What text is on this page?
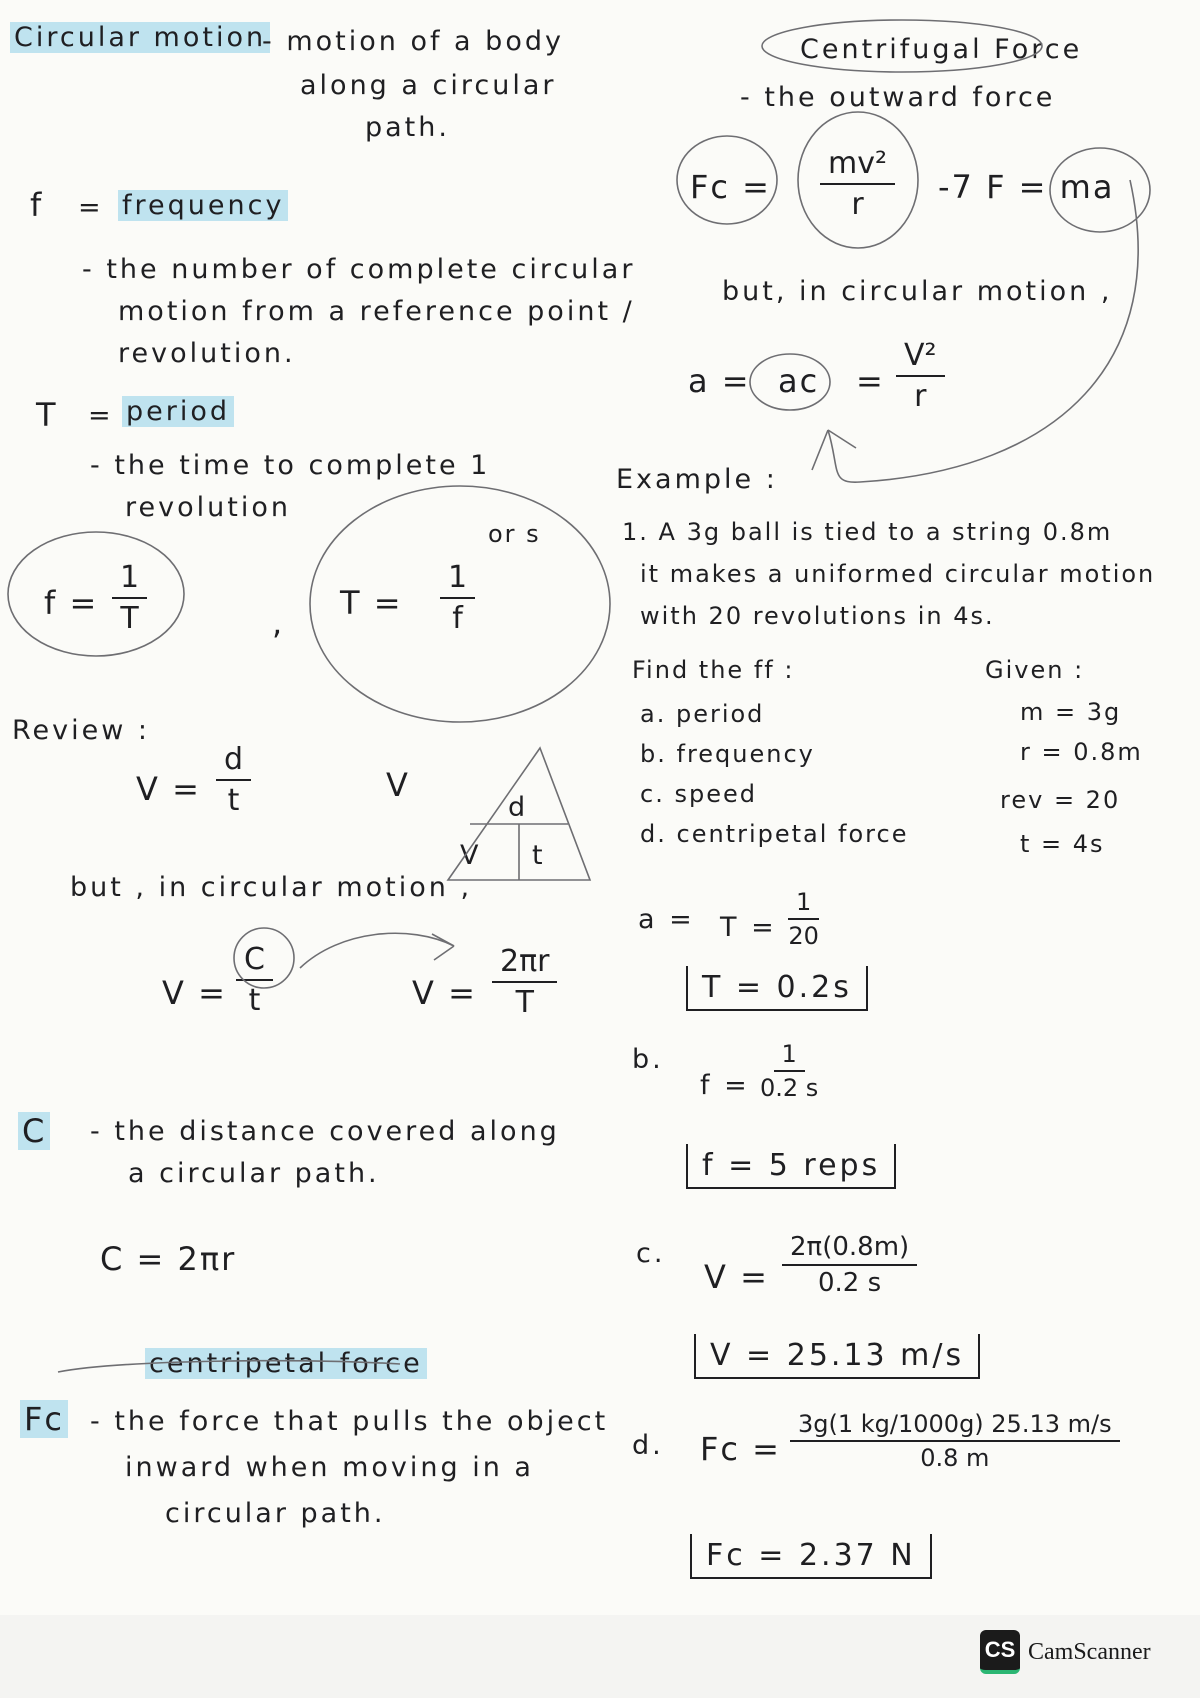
Circular motion
- motion of a body
along a circular
path.
f = frequency
- the number of complete circular
motion from a reference point /
revolution.
T = period
- the time to complete 1
revolution
$f = \frac{1}{T}$	,
$T = \frac{1}{f}$
or s
Review :
$V = \frac{d}{t}$	V
d
V t
but , in circular motion ,
$V = \frac{C}{t}$	$V = \frac{2\pi r}{T}$
C - the distance covered along
a circular path.
C = 2πr
centripetal force
Fc - the force that pulls the object
inward when moving in a
circular path.
Centrifugal Force
- the outward force
$Fc = \frac{\text{mv²}}{r} -7$ F = ma
but, in circular motion ,
a = ac = $\frac{\text{V²}}{r}$
Example :
1. A 3g ball is tied to a string 0.8m
it makes a uniformed circular motion
with 20 revolutions in 4s.
Find the ff :
a. period
b. frequency
c. speed
d. centripetal force
Given :
m = 3g
r = 0.8m
rev = 20
t = 4s
$a = T = \frac{1}{20}$
T = 0.2s
b.
$f = \frac{1}{0.2 s}$
f = 5 reps
c.
$V = \frac{2\pi(0.8m)}{0.2 s}$
V = 25.13 m/s
d. $Fc = \frac{3g(1 kg/1000g) 25.13 m/s}{0.8 m}$
Fc = 2.37 N
CS CamScanner
